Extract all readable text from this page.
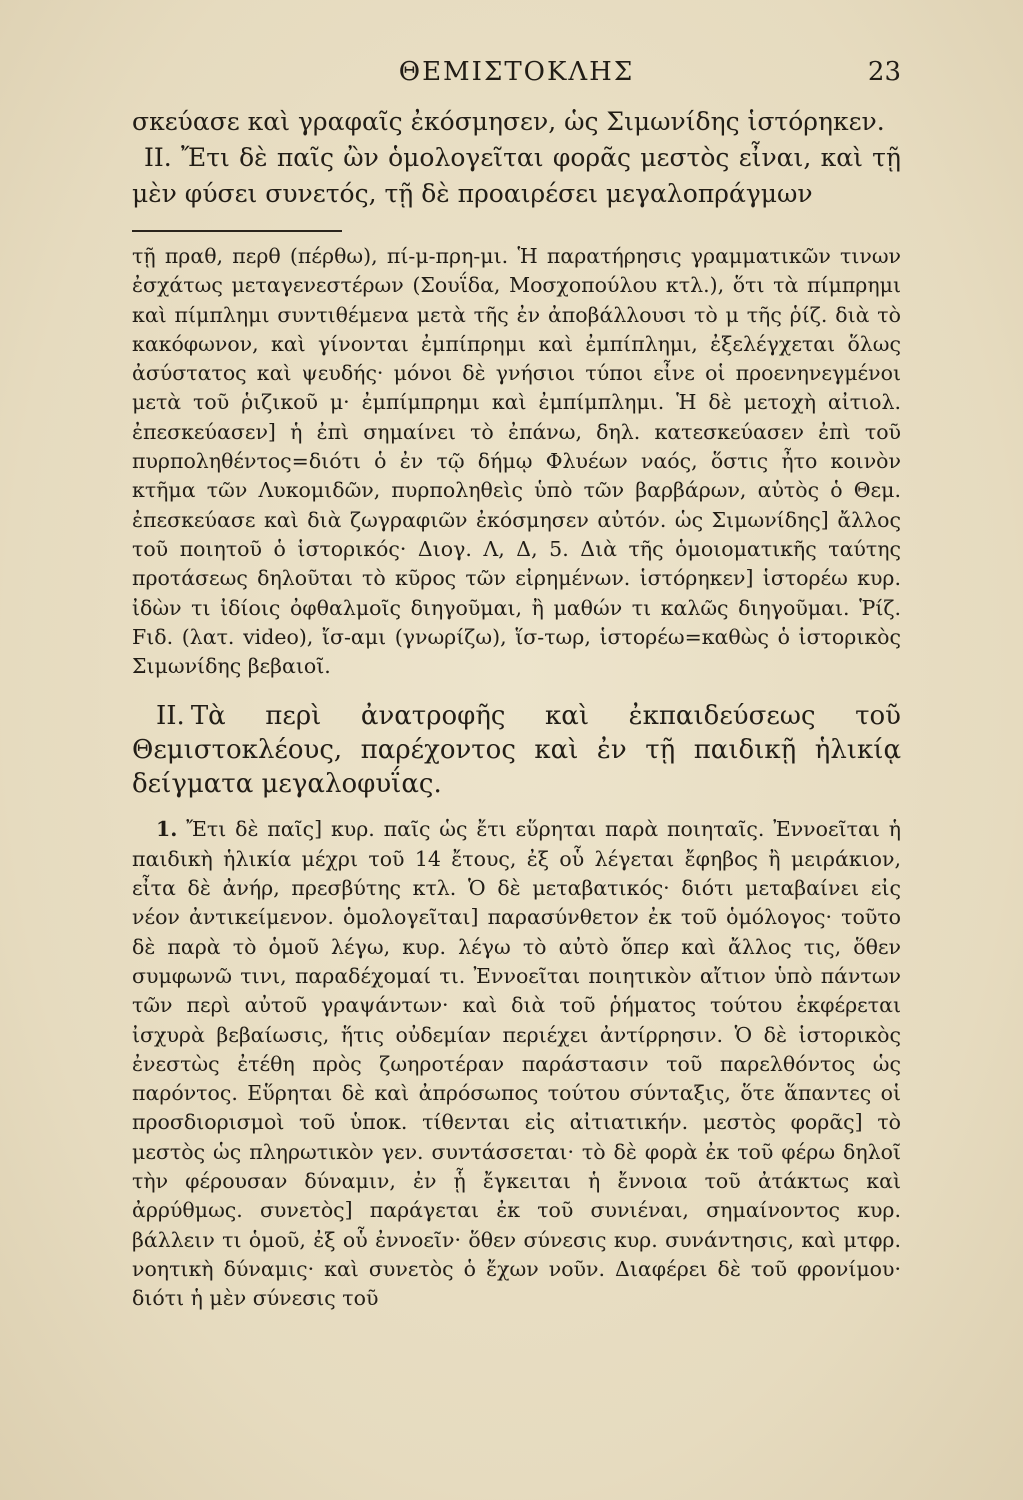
ΘΕΜΙΣΤΟΚΛΗΣ	23

σκεύασε καὶ γραφαῖς ἐκόσμησεν, ὡς Σιμωνίδης ἱστόρηκεν.

ΙΙ. Ἔτι δὲ παῖς ὢν ὁμολογεῖται φορᾶς μεστὸς εἶναι, καὶ τῇ μὲν φύσει συνετός, τῇ δὲ προαιρέσει μεγαλοπράγμων

τῇ πραθ, περθ (πέρθω), πί-μ-πρη-μι. Ἡ παρατήρησις γραμματικῶν τινων ἐσχάτως μεταγενεστέρων (Σουΐδα, Μοσχοπούλου κτλ.), ὅτι τὰ πίμπρημι καὶ πίμπλημι συντιθέμενα μετὰ τῆς ἐν ἀποβάλλουσι τὸ μ τῆς ῥίζ. διὰ τὸ κακόφωνον, καὶ γίνονται ἐμπίπρημι καὶ ἐμπίπλημι, ἐξελέγχεται ὅλως ἀσύστατος καὶ ψευδής· μόνοι δὲ γνήσιοι τύποι εἶνε οἱ προενηνεγμένοι μετὰ τοῦ ῥιζικοῦ μ· ἐμπίμπρημι καὶ ἐμπίμπλημι. Ἡ δὲ μετοχὴ αἰτιολ. ἐπεσκεύασεν] ἡ ἐπὶ σημαίνει τὸ ἐπάνω, δηλ. κατεσκεύασεν ἐπὶ τοῦ πυρποληθέντος=διότι ὁ ἐν τῷ δήμῳ Φλυέων ναός, ὅστις ἦτο κοινὸν κτῆμα τῶν Λυκομιδῶν, πυρποληθεὶς ὑπὸ τῶν βαρβάρων, αὐτὸς ὁ Θεμ. ἐπεσκεύασε καὶ διὰ ζωγραφιῶν ἐκόσμησεν αὐτόν. ὡς Σιμωνίδης] ἄλλος τοῦ ποιητοῦ ὁ ἱστορικός· Διογ. Λ, Δ, 5. Διὰ τῆς ὁμοιοματικῆς ταύτης προτάσεως δηλοῦται τὸ κῦρος τῶν εἰρημένων. ἱστόρηκεν] ἱστορέω κυρ. ἰδὼν τι ἰδίοις ὀφθαλμοῖς διηγοῦμαι, ἢ μαθών τι καλῶς διηγοῦμαι. Ῥίζ. Fιδ. (λατ. video), ἴσ-αμι (γνωρίζω), ἵσ-τωρ, ἱστορέω=καθὼς ὁ ἱστορικὸς Σιμωνίδης βεβαιοῖ.

ΙΙ. Τὰ περὶ ἀνατροφῆς καὶ ἐκπαιδεύσεως τοῦ Θεμιστοκλέους, παρέχοντος καὶ ἐν τῇ παιδικῇ ἡλικίᾳ δείγματα μεγαλοφυΐας.

1. Ἔτι δὲ παῖς] κυρ. παῖς ὡς ἔτι εὕρηται παρὰ ποιηταῖς. Ἐννοεῖται ἡ παιδικὴ ἡλικία μέχρι τοῦ 14 ἔτους, ἐξ οὗ λέγεται ἔφηβος ἢ μειράκιον, εἶτα δὲ ἀνήρ, πρεσβύτης κτλ. Ὁ δὲ μεταβατικός· διότι μεταβαίνει εἰς νέον ἀντικείμενον. ὁμολογεῖται] παρασύνθετον ἐκ τοῦ ὁμόλογος· τοῦτο δὲ παρὰ τὸ ὁμοῦ λέγω, κυρ. λέγω τὸ αὐτὸ ὅπερ καὶ ἄλλος τις, ὅθεν συμφωνῶ τινι, παραδέχομαί τι. Ἐννοεῖται ποιητικὸν αἴτιον ὑπὸ πάντων τῶν περὶ αὐτοῦ γραψάντων· καὶ διὰ τοῦ ῥήματος τούτου ἐκφέρεται ἰσχυρὰ βεβαίωσις, ἥτις οὐδεμίαν περιέχει ἀντίρρησιν. Ὁ δὲ ἱστορικὸς ἐνεστὼς ἐτέθη πρὸς ζωηροτέραν παράστασιν τοῦ παρελθόντος ὡς παρόντος. Εὕρηται δὲ καὶ ἀπρόσωπος τούτου σύνταξις, ὅτε ἅπαντες οἱ προσδιορισμοὶ τοῦ ὑποκ. τίθενται εἰς αἰτιατικήν. μεστὸς φορᾶς] τὸ μεστὸς ὡς πληρωτικὸν γεν. συντάσσεται· τὸ δὲ φορὰ ἐκ τοῦ φέρω δηλοῖ τὴν φέρουσαν δύναμιν, ἐν ᾗ ἔγκειται ἡ ἔννοια τοῦ ἀτάκτως καὶ ἀρρύθμως. συνετὸς] παράγεται ἐκ τοῦ συνιέναι, σημαίνοντος κυρ. βάλλειν τι ὁμοῦ, ἐξ οὗ ἐννοεῖν· ὅθεν σύνεσις κυρ. συνάντησις, καὶ μτφρ. νοητικὴ δύναμις· καὶ συνετὸς ὁ ἔχων νοῦν. Διαφέρει δὲ τοῦ φρονίμου· διότι ἡ μὲν σύνεσις τοῦ
